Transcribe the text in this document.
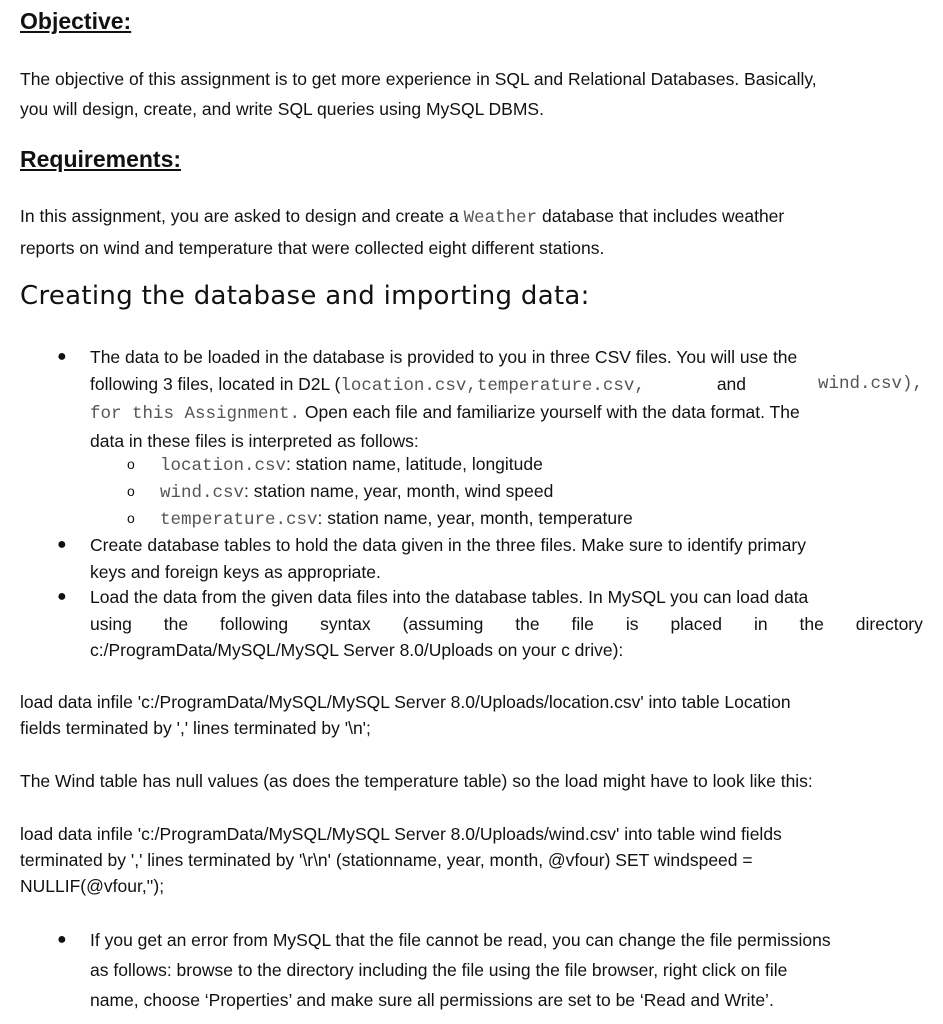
Objective:
The objective of this assignment is to get more experience in SQL and Relational Databases. Basically,
you will design, create, and write SQL queries using MySQL DBMS.
Requirements:
In this assignment, you are asked to design and create a Weather database that includes weather
reports on wind and temperature that were collected eight different stations.
Creating the database and importing data:
● The data to be loaded in the database is provided to you in three CSV files. You will use the
following 3 files, located in D2L (location.csv,temperature.csv,	and	wind.csv),
for this Assignment. Open each file and familiarize yourself with the data format. The
data in these files is interpreted as follows:
o location.csv: station name, latitude, longitude
o wind.csv: station name, year, month, wind speed
o temperature.csv: station name, year, month, temperature
● Create database tables to hold the data given in the three files. Make sure to identify primary
keys and foreign keys as appropriate.
● Load the data from the given data files into the database tables. In MySQL you can load data
using the following syntax (assuming the file is placed in the directory
c:/ProgramData/MySQL/MySQL Server 8.0/Uploads on your c drive):
load data infile 'c:/ProgramData/MySQL/MySQL Server 8.0/Uploads/location.csv' into table Location
fields terminated by ',' lines terminated by '\n';
The Wind table has null values (as does the temperature table) so the load might have to look like this:
load data infile 'c:/ProgramData/MySQL/MySQL Server 8.0/Uploads/wind.csv' into table wind fields
terminated by ',' lines terminated by '\r\n' (stationname, year, month, @vfour) SET windspeed =
NULLIF(@vfour,'');
● If you get an error from MySQL that the file cannot be read, you can change the file permissions
as follows: browse to the directory including the file using the file browser, right click on file
name, choose ‘Properties’ and make sure all permissions are set to be ‘Read and Write’.
